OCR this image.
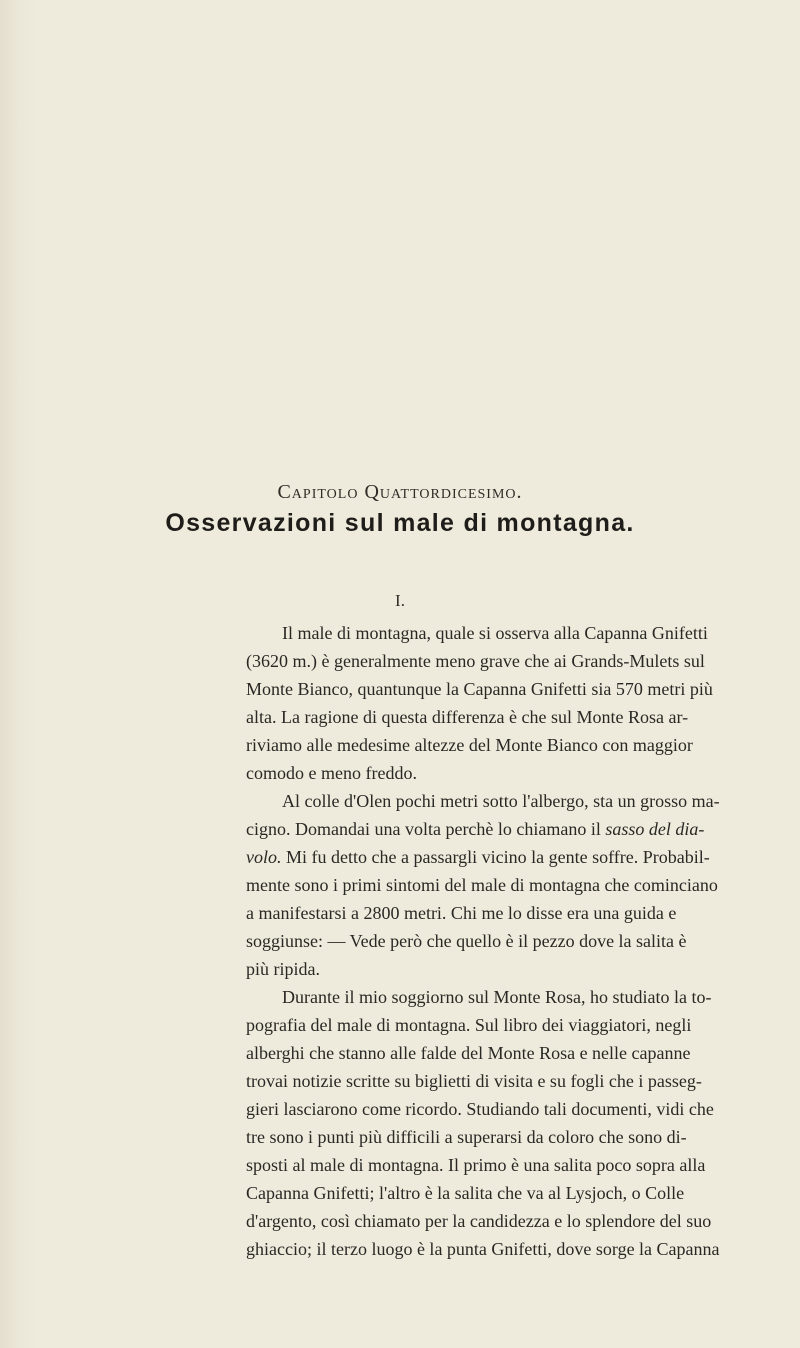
Capitolo Quattordicesimo.
Osservazioni sul male di montagna.
I.
Il male di montagna, quale si osserva alla Capanna Gnifetti
(3620 m.) è generalmente meno grave che ai Grands-Mulets sul
Monte Bianco, quantunque la Capanna Gnifetti sia 570 metri più
alta. La ragione di questa differenza è che sul Monte Rosa ar-
riviamo alle medesime altezze del Monte Bianco con maggior
comodo e meno freddo.
Al colle d'Olen pochi metri sotto l'albergo, sta un grosso ma-
cigno. Domandai una volta perchè lo chiamano il sasso del dia-
volo. Mi fu detto che a passargli vicino la gente soffre. Probabil-
mente sono i primi sintomi del male di montagna che cominciano
a manifestarsi a 2800 metri. Chi me lo disse era una guida e
soggiunse: — Vede però che quello è il pezzo dove la salita è
più ripida.
Durante il mio soggiorno sul Monte Rosa, ho studiato la to-
pografia del male di montagna. Sul libro dei viaggiatori, negli
alberghi che stanno alle falde del Monte Rosa e nelle capanne
trovai notizie scritte su biglietti di visita e su fogli che i passeg-
gieri lasciarono come ricordo. Studiando tali documenti, vidi che
tre sono i punti più difficili a superarsi da coloro che sono di-
sposti al male di montagna. Il primo è una salita poco sopra alla
Capanna Gnifetti; l'altro è la salita che va al Lysjoch, o Colle
d'argento, così chiamato per la candidezza e lo splendore del suo
ghiaccio; il terzo luogo è la punta Gnifetti, dove sorge la Capanna
